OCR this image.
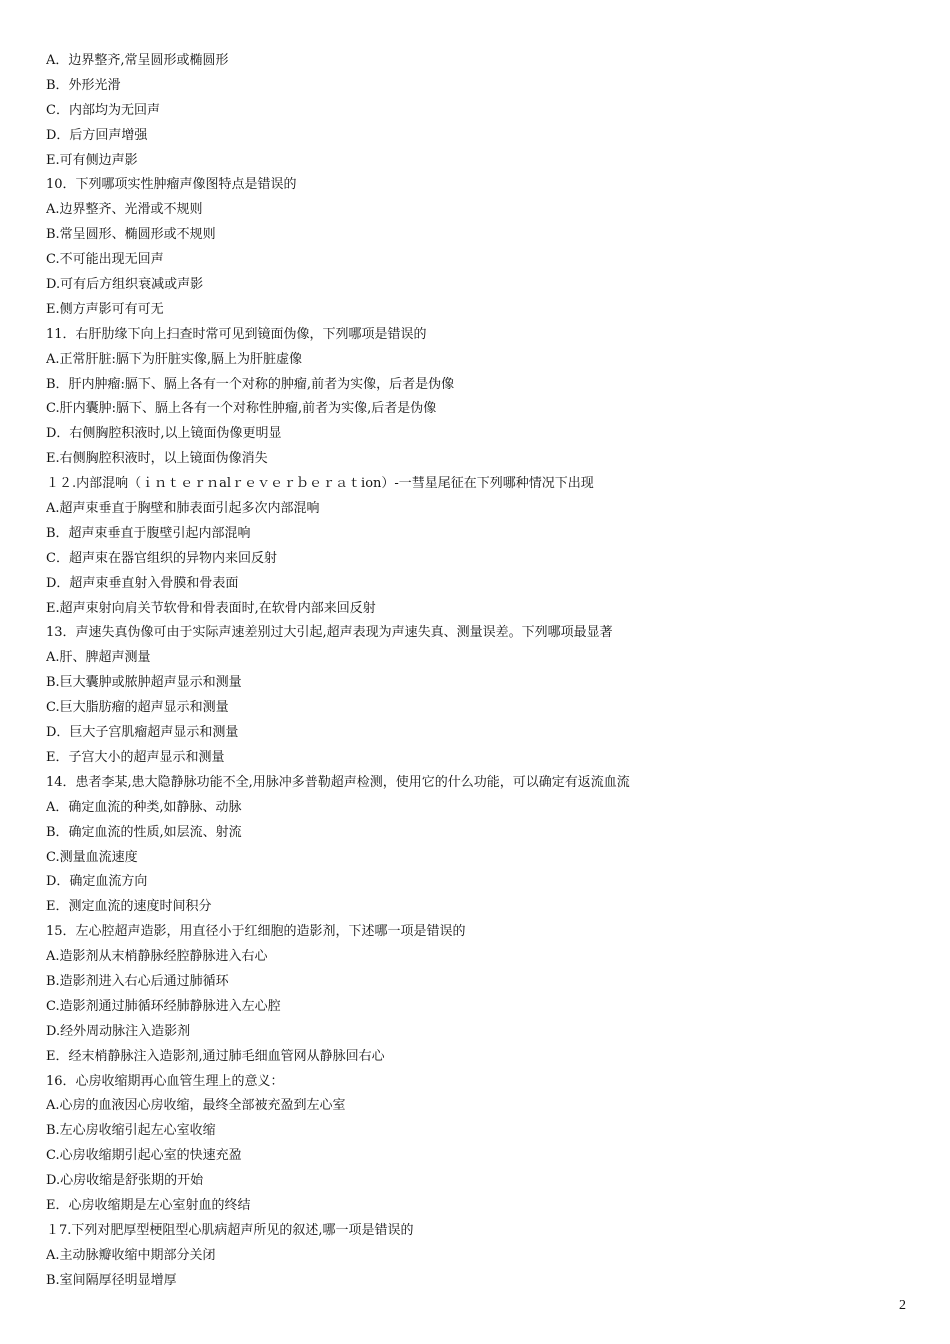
A．边界整齐,常呈圆形或椭圆形
B．外形光滑
C．内部均为无回声
D．后方回声增强
E.可有侧边声影
10．下列哪项实性肿瘤声像图特点是错误的
A.边界整齐、光滑或不规则
B.常呈圆形、椭圆形或不规则
C.不可能出现无回声
D.可有后方组织衰减或声影
E.侧方声影可有可无
11．右肝肋缘下向上扫查时常可见到镜面伪像，下列哪项是错误的
A.正常肝脏:膈下为肝脏实像,膈上为肝脏虚像
B．肝内肿瘤:膈下、膈上各有一个对称的肿瘤,前者为实像，后者是伪像
C.肝内囊肿:膈下、膈上各有一个对称性肿瘤,前者为实像,后者是伪像
D．右侧胸腔积液时,以上镜面伪像更明显
E.右侧胸腔积液时，以上镜面伪像消失
１２.内部混响（ｉｎｔｅｒｎalｒｅｖｅｒｂｅｒａｔion）-一彗星尾征在下列哪种情况下出现
A.超声束垂直于胸壁和肺表面引起多次内部混响
B．超声束垂直于腹壁引起内部混响
C．超声束在器官组织的异物内来回反射
D．超声束垂直射入骨膜和骨表面
E.超声束射向肩关节软骨和骨表面时,在软骨内部来回反射
13．声速失真伪像可由于实际声速差别过大引起,超声表现为声速失真、测量误差。下列哪项最显著
A.肝、脾超声测量
B.巨大囊肿或脓肿超声显示和测量
C.巨大脂肪瘤的超声显示和测量
D．巨大子宫肌瘤超声显示和测量
E．子宫大小的超声显示和测量
14．患者李某,患大隐静脉功能不全,用脉冲多普勒超声检测，使用它的什么功能，可以确定有返流血流
A．确定血流的种类,如静脉、动脉
B．确定血流的性质,如层流、射流
C.测量血流速度
D．确定血流方向
E．测定血流的速度时间积分
15．左心腔超声造影，用直径小于红细胞的造影剂，下述哪一项是错误的
A.造影剂从末梢静脉经腔静脉进入右心
B.造影剂进入右心后通过肺循环
C.造影剂通过肺循环经肺静脉进入左心腔
D.经外周动脉注入造影剂
E．经末梢静脉注入造影剂,通过肺毛细血管网从静脉回右心
16．心房收缩期再心血管生理上的意义：
A.心房的血液因心房收缩，最终全部被充盈到左心室
B.左心房收缩引起左心室收缩
C.心房收缩期引起心室的快速充盈
D.心房收缩是舒张期的开始
E．心房收缩期是左心室射血的终结
１7.下列对肥厚型梗阻型心肌病超声所见的叙述,哪一项是错误的
A.主动脉瓣收缩中期部分关闭
B.室间隔厚径明显增厚
2
